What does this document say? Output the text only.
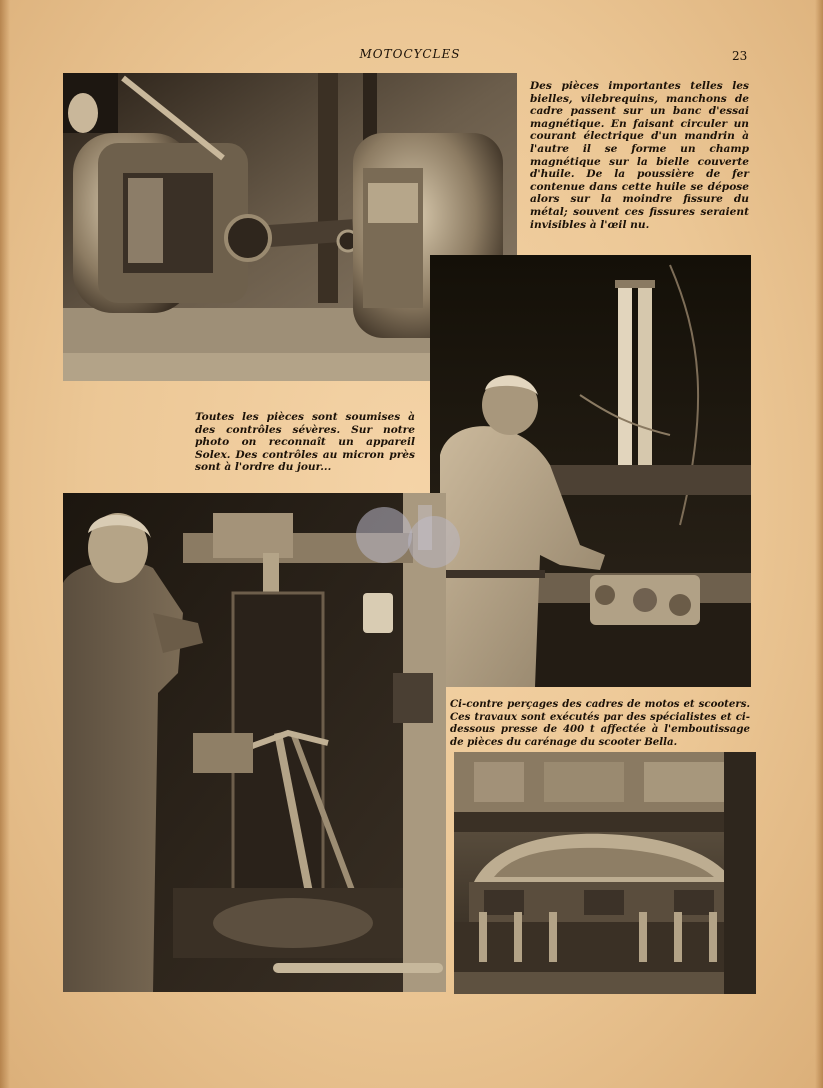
MOTOCYCLES	23
Des pièces importantes telles les bielles, vilebrequins, manchons de cadre passent sur un banc d'essai magnétique. En faisant circuler un courant électrique d'un mandrin à l'autre il se forme un champ magnétique sur la bielle couverte d'huile. De la poussière de fer contenue dans cette huile se dépose alors sur la moindre fissure du métal; souvent ces fissures seraient invisibles à l'œil nu.
Toutes les pièces sont soumises à des contrôles sévères. Sur notre photo on reconnaît un appareil Solex. Des contrôles au micron près sont à l'ordre du jour...
Ci-contre perçages des cadres de motos et scooters. Ces travaux sont exécutés par des spécialistes et ci-dessous presse de 400 t affectée à l'emboutissage de pièces du carénage du scooter Bella.
